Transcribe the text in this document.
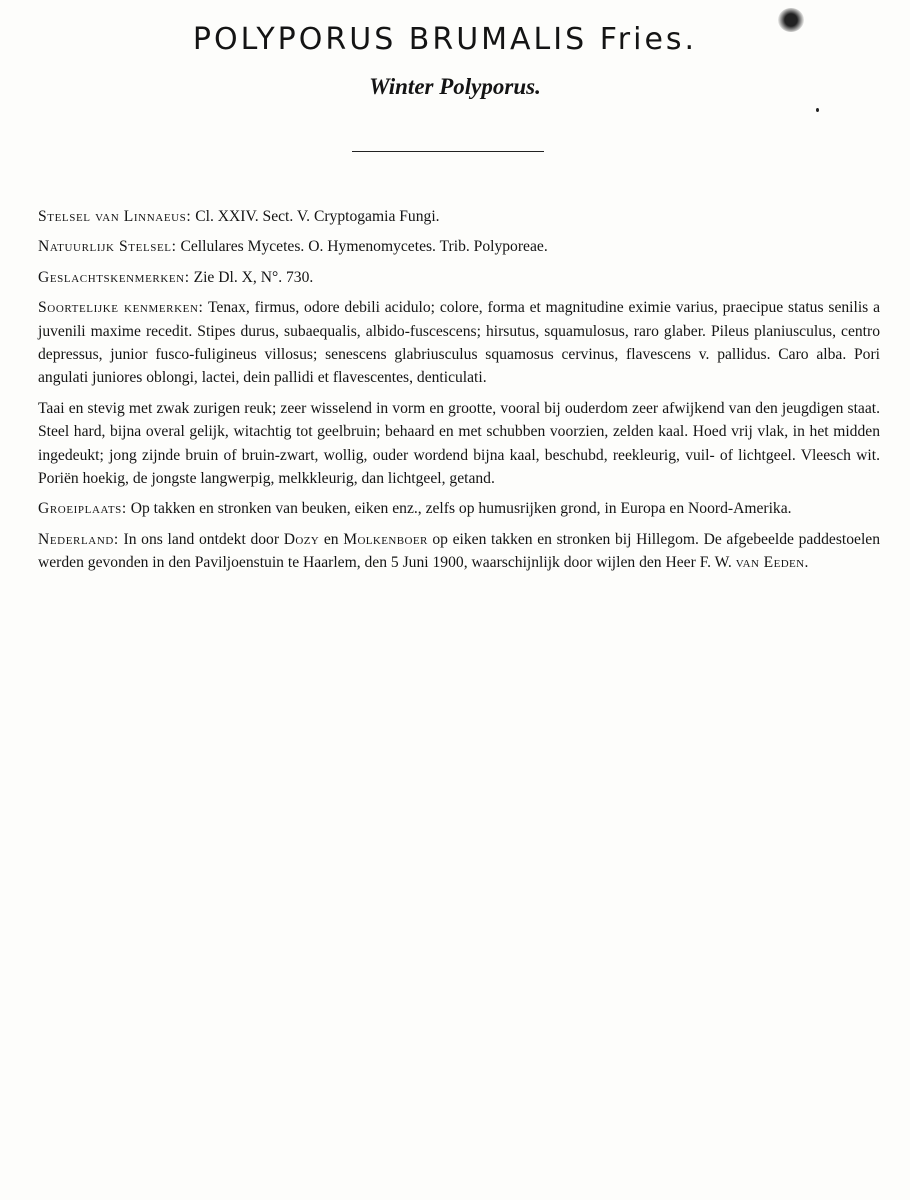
POLYPORUS BRUMALIS Fries.
Winter Polyporus.

Stelsel van Linnaeus: Cl. XXIV. Sect. V. Cryptogamia Fungi.

Natuurlijk Stelsel: Cellulares Mycetes. O. Hymenomycetes. Trib. Polyporeae.

Geslachtskenmerken: Zie Dl. X, N°. 730.

Soortelijke kenmerken: Tenax, firmus, odore debili acidulo; colore, forma et magnitudine eximie varius, praecipue status senilis a juvenili maxime recedit. Stipes durus, subaequalis, albido-fuscescens; hirsutus, squamulosus, raro glaber. Pileus planiusculus, centro depressus, junior fusco-fuligineus villosus; senescens glabriusculus squamosus cervinus, flavescens v. pallidus. Caro alba. Pori angulati juniores oblongi, lactei, dein pallidi et flavescentes, denticulati.

Taai en stevig met zwak zurigen reuk; zeer wisselend in vorm en grootte, vooral bij ouderdom zeer afwijkend van den jeugdigen staat. Steel hard, bijna overal gelijk, witachtig tot geelbruin; behaard en met schubben voorzien, zelden kaal. Hoed vrij vlak, in het midden ingedeukt; jong zijnde bruin of bruin-zwart, wollig, ouder wordend bijna kaal, beschubd, reekleurig, vuil- of lichtgeel. Vleesch wit. Poriën hoekig, de jongste langwerpig, melkkleurig, dan lichtgeel, getand.

Groeiplaats: Op takken en stronken van beuken, eiken enz., zelfs op humusrijken grond, in Europa en Noord-Amerika.

Nederland: In ons land ontdekt door Dozy en Molkenboer op eiken takken en stronken bij Hillegom. De afgebeelde paddestoelen werden gevonden in den Paviljoenstuin te Haarlem, den 5 Juni 1900, waarschijnlijk door wijlen den Heer F. W. van Eeden.
